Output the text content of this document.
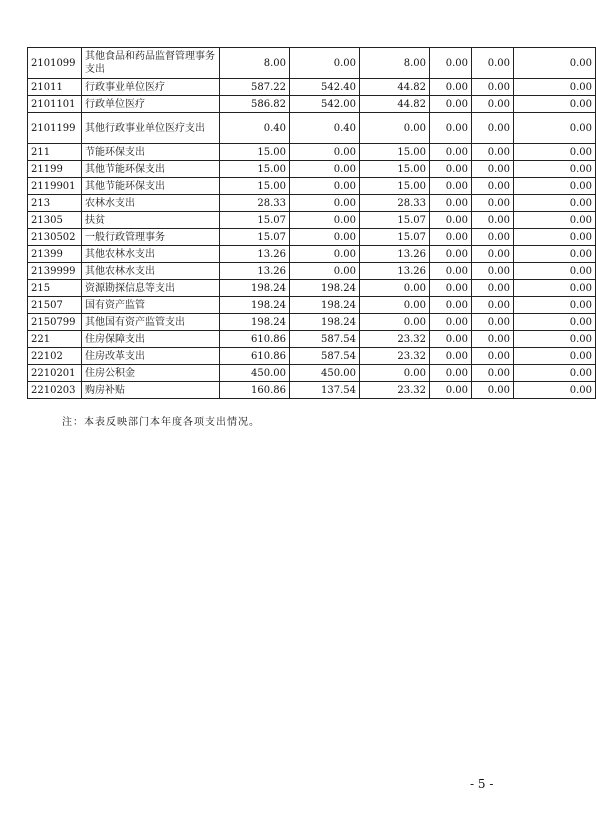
2101099	其他食品和药品监督管理事务支出	8.00	0.00	8.00	0.00	0.00	0.00
21011	行政事业单位医疗	587.22	542.40	44.82	0.00	0.00	0.00
2101101	行政单位医疗	586.82	542.00	44.82	0.00	0.00	0.00
2101199	其他行政事业单位医疗支出	0.40	0.40	0.00	0.00	0.00	0.00
211	节能环保支出	15.00	0.00	15.00	0.00	0.00	0.00
21199	其他节能环保支出	15.00	0.00	15.00	0.00	0.00	0.00
2119901	其他节能环保支出	15.00	0.00	15.00	0.00	0.00	0.00
213	农林水支出	28.33	0.00	28.33	0.00	0.00	0.00
21305	扶贫	15.07	0.00	15.07	0.00	0.00	0.00
2130502	一般行政管理事务	15.07	0.00	15.07	0.00	0.00	0.00
21399	其他农林水支出	13.26	0.00	13.26	0.00	0.00	0.00
2139999	其他农林水支出	13.26	0.00	13.26	0.00	0.00	0.00
215	资源勘探信息等支出	198.24	198.24	0.00	0.00	0.00	0.00
21507	国有资产监管	198.24	198.24	0.00	0.00	0.00	0.00
2150799	其他国有资产监管支出	198.24	198.24	0.00	0.00	0.00	0.00
221	住房保障支出	610.86	587.54	23.32	0.00	0.00	0.00
22102	住房改革支出	610.86	587.54	23.32	0.00	0.00	0.00
2210201	住房公积金	450.00	450.00	0.00	0.00	0.00	0.00
2210203	购房补贴	160.86	137.54	23.32	0.00	0.00	0.00
注：本表反映部门本年度各项支出情况。
- 5 -
